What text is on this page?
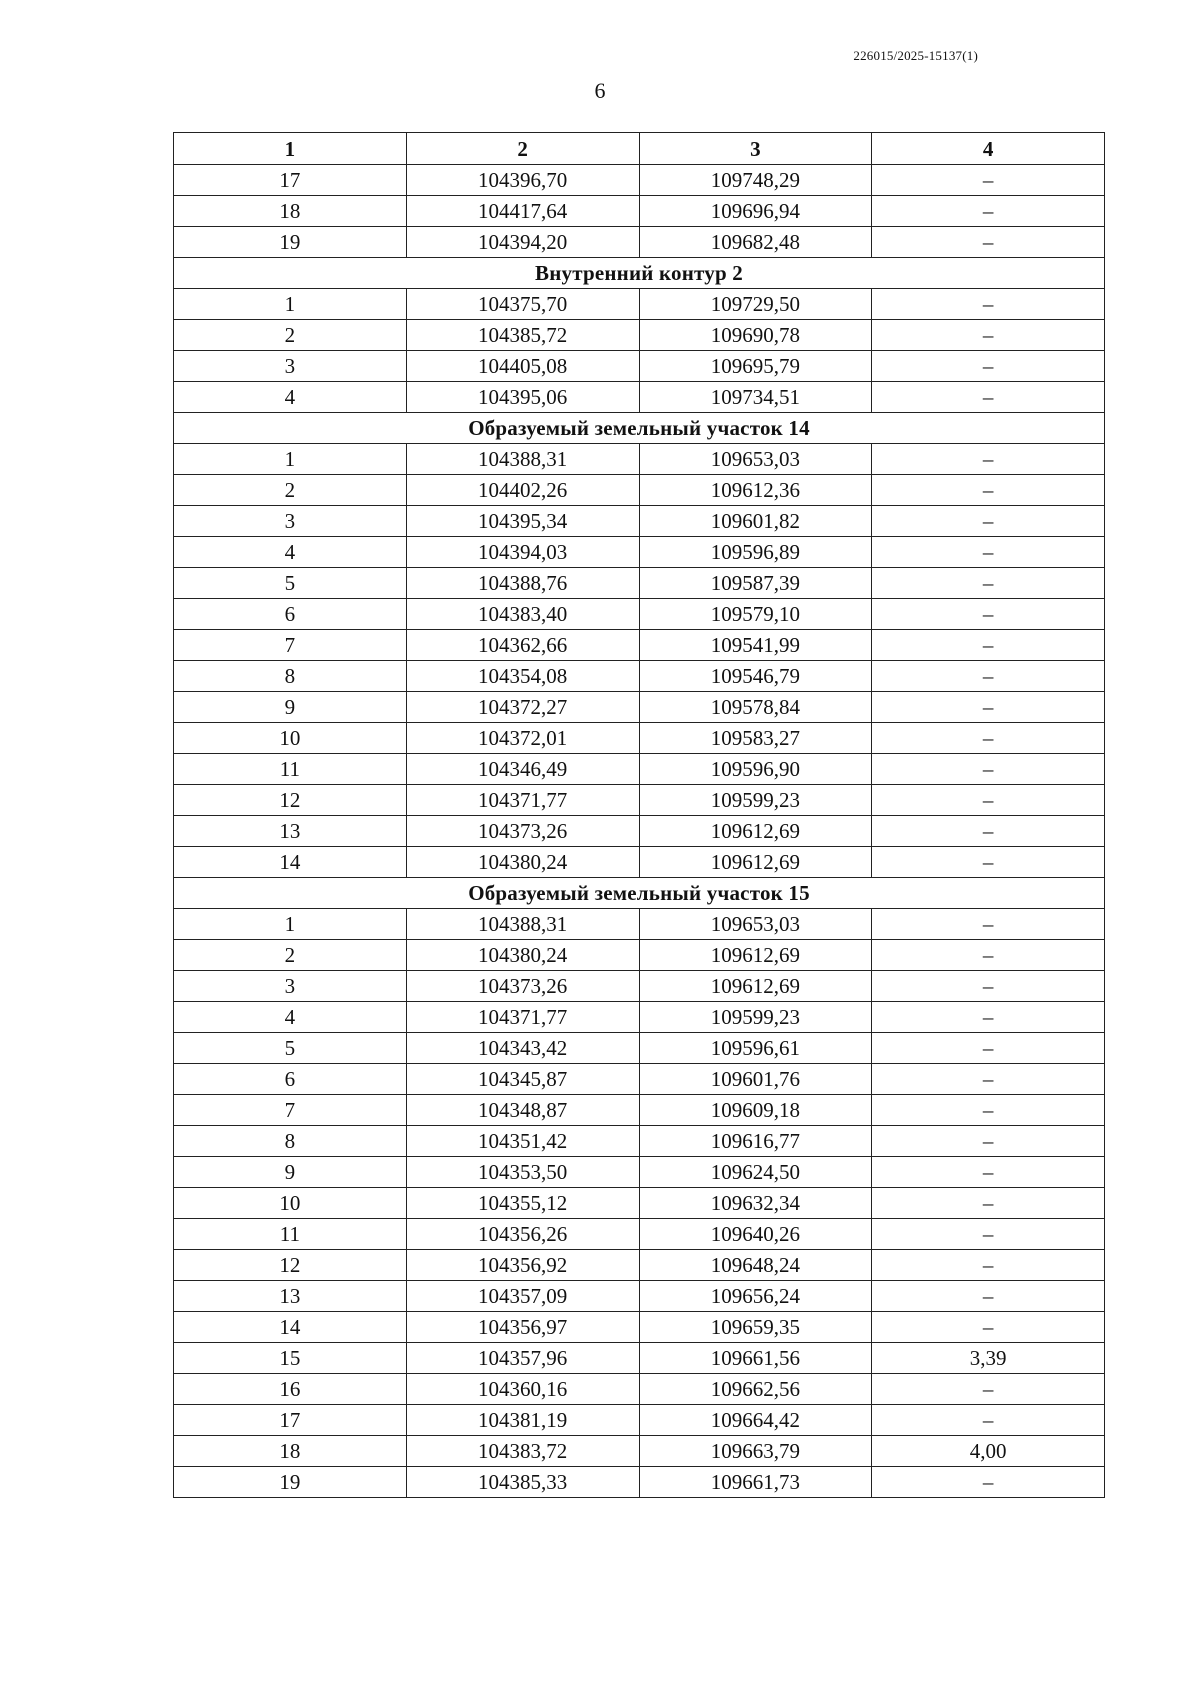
226015/2025-15137(1)
6
1	2	3	4
17	104396,70	109748,29	–
18	104417,64	109696,94	–
19	104394,20	109682,48	–
Внутренний контур 2			
1	104375,70	109729,50	–
2	104385,72	109690,78	–
3	104405,08	109695,79	–
4	104395,06	109734,51	–
Образуемый земельный участок 14			
1	104388,31	109653,03	–
2	104402,26	109612,36	–
3	104395,34	109601,82	–
4	104394,03	109596,89	–
5	104388,76	109587,39	–
6	104383,40	109579,10	–
7	104362,66	109541,99	–
8	104354,08	109546,79	–
9	104372,27	109578,84	–
10	104372,01	109583,27	–
11	104346,49	109596,90	–
12	104371,77	109599,23	–
13	104373,26	109612,69	–
14	104380,24	109612,69	–
Образуемый земельный участок 15			
1	104388,31	109653,03	–
2	104380,24	109612,69	–
3	104373,26	109612,69	–
4	104371,77	109599,23	–
5	104343,42	109596,61	–
6	104345,87	109601,76	–
7	104348,87	109609,18	–
8	104351,42	109616,77	–
9	104353,50	109624,50	–
10	104355,12	109632,34	–
11	104356,26	109640,26	–
12	104356,92	109648,24	–
13	104357,09	109656,24	–
14	104356,97	109659,35	–
15	104357,96	109661,56	3,39
16	104360,16	109662,56	–
17	104381,19	109664,42	–
18	104383,72	109663,79	4,00
19	104385,33	109661,73	–
